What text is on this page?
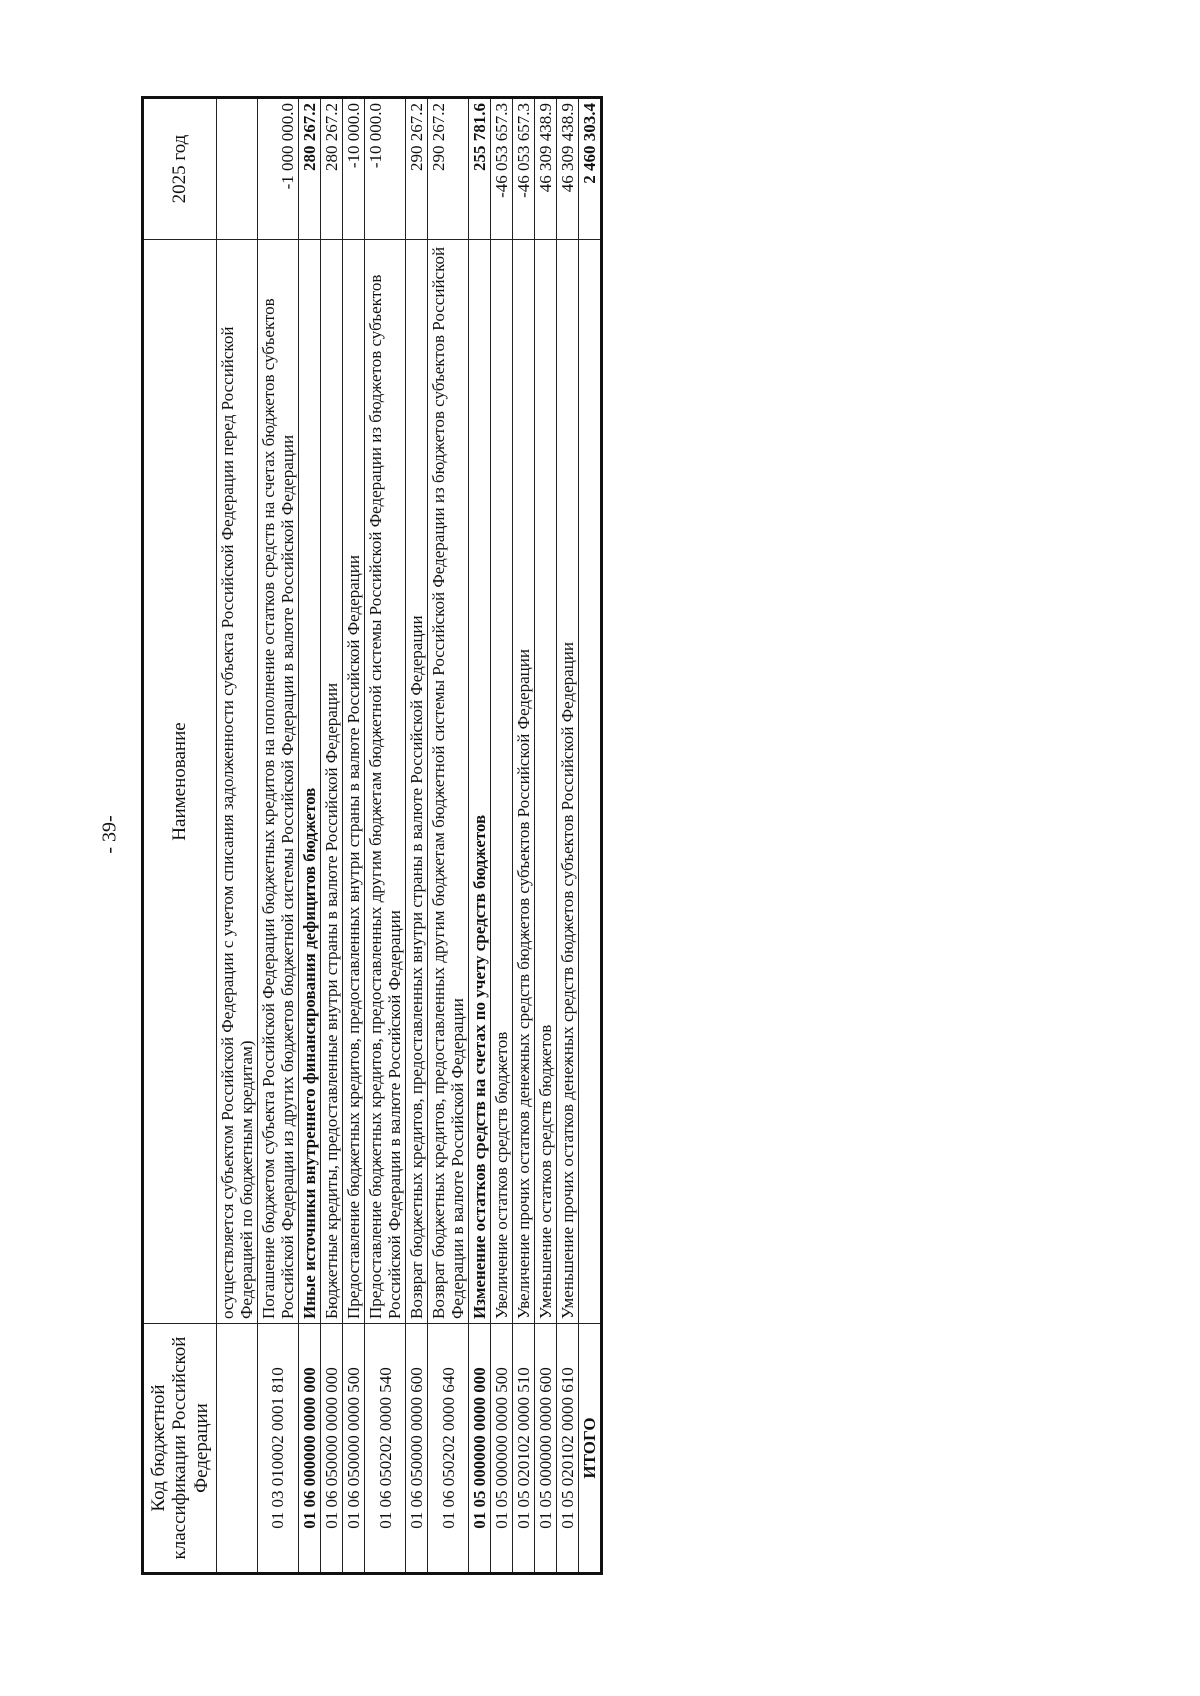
- 39-
Код бюджетной классификации Российской Федерации	Наименование	2025 год
	осуществляется субъектом Российской Федерации с учетом списания задолженности субъекта Российской Федерации перед Российской Федерацией по бюджетным кредитам)	
01 03 010002 0001 810	Погашение бюджетом субъекта Российской Федерации бюджетных кредитов на пополнение остатков средств на счетах бюджетов субъектов Российской Федерации из других бюджетов бюджетной системы Российской Федерации в валюте Российской Федерации	-1 000 000.0
01 06 000000 0000 000	Иные источники внутреннего финансирования дефицитов бюджетов	280 267.2
01 06 050000 0000 000	Бюджетные кредиты, предоставленные внутри страны в валюте Российской Федерации	280 267.2
01 06 050000 0000 500	Предоставление бюджетных кредитов, предоставленных внутри страны в валюте Российской Федерации	-10 000.0
01 06 050202 0000 540	Предоставление бюджетных кредитов, предоставленных другим бюджетам бюджетной системы Российской Федерации из бюджетов субъектов Российской Федерации в валюте Российской Федерации	-10 000.0
01 06 050000 0000 600	Возврат бюджетных кредитов, предоставленных внутри страны в валюте Российской Федерации	290 267.2
01 06 050202 0000 640	Возврат бюджетных кредитов, предоставленных другим бюджетам бюджетной системы Российской Федерации из бюджетов субъектов Российской Федерации в валюте Российской Федерации	290 267.2
01 05 000000 0000 000	Изменение остатков средств на счетах по учету средств бюджетов	255 781.6
01 05 000000 0000 500	Увеличение остатков средств бюджетов	-46 053 657.3
01 05 020102 0000 510	Увеличение прочих остатков денежных средств бюджетов субъектов Российской Федерации	-46 053 657.3
01 05 000000 0000 600	Уменьшение остатков средств бюджетов	46 309 438.9
01 05 020102 0000 610	Уменьшение прочих остатков денежных средств бюджетов субъектов Российской Федерации	46 309 438.9
ИТОГО		2 460 303.4
